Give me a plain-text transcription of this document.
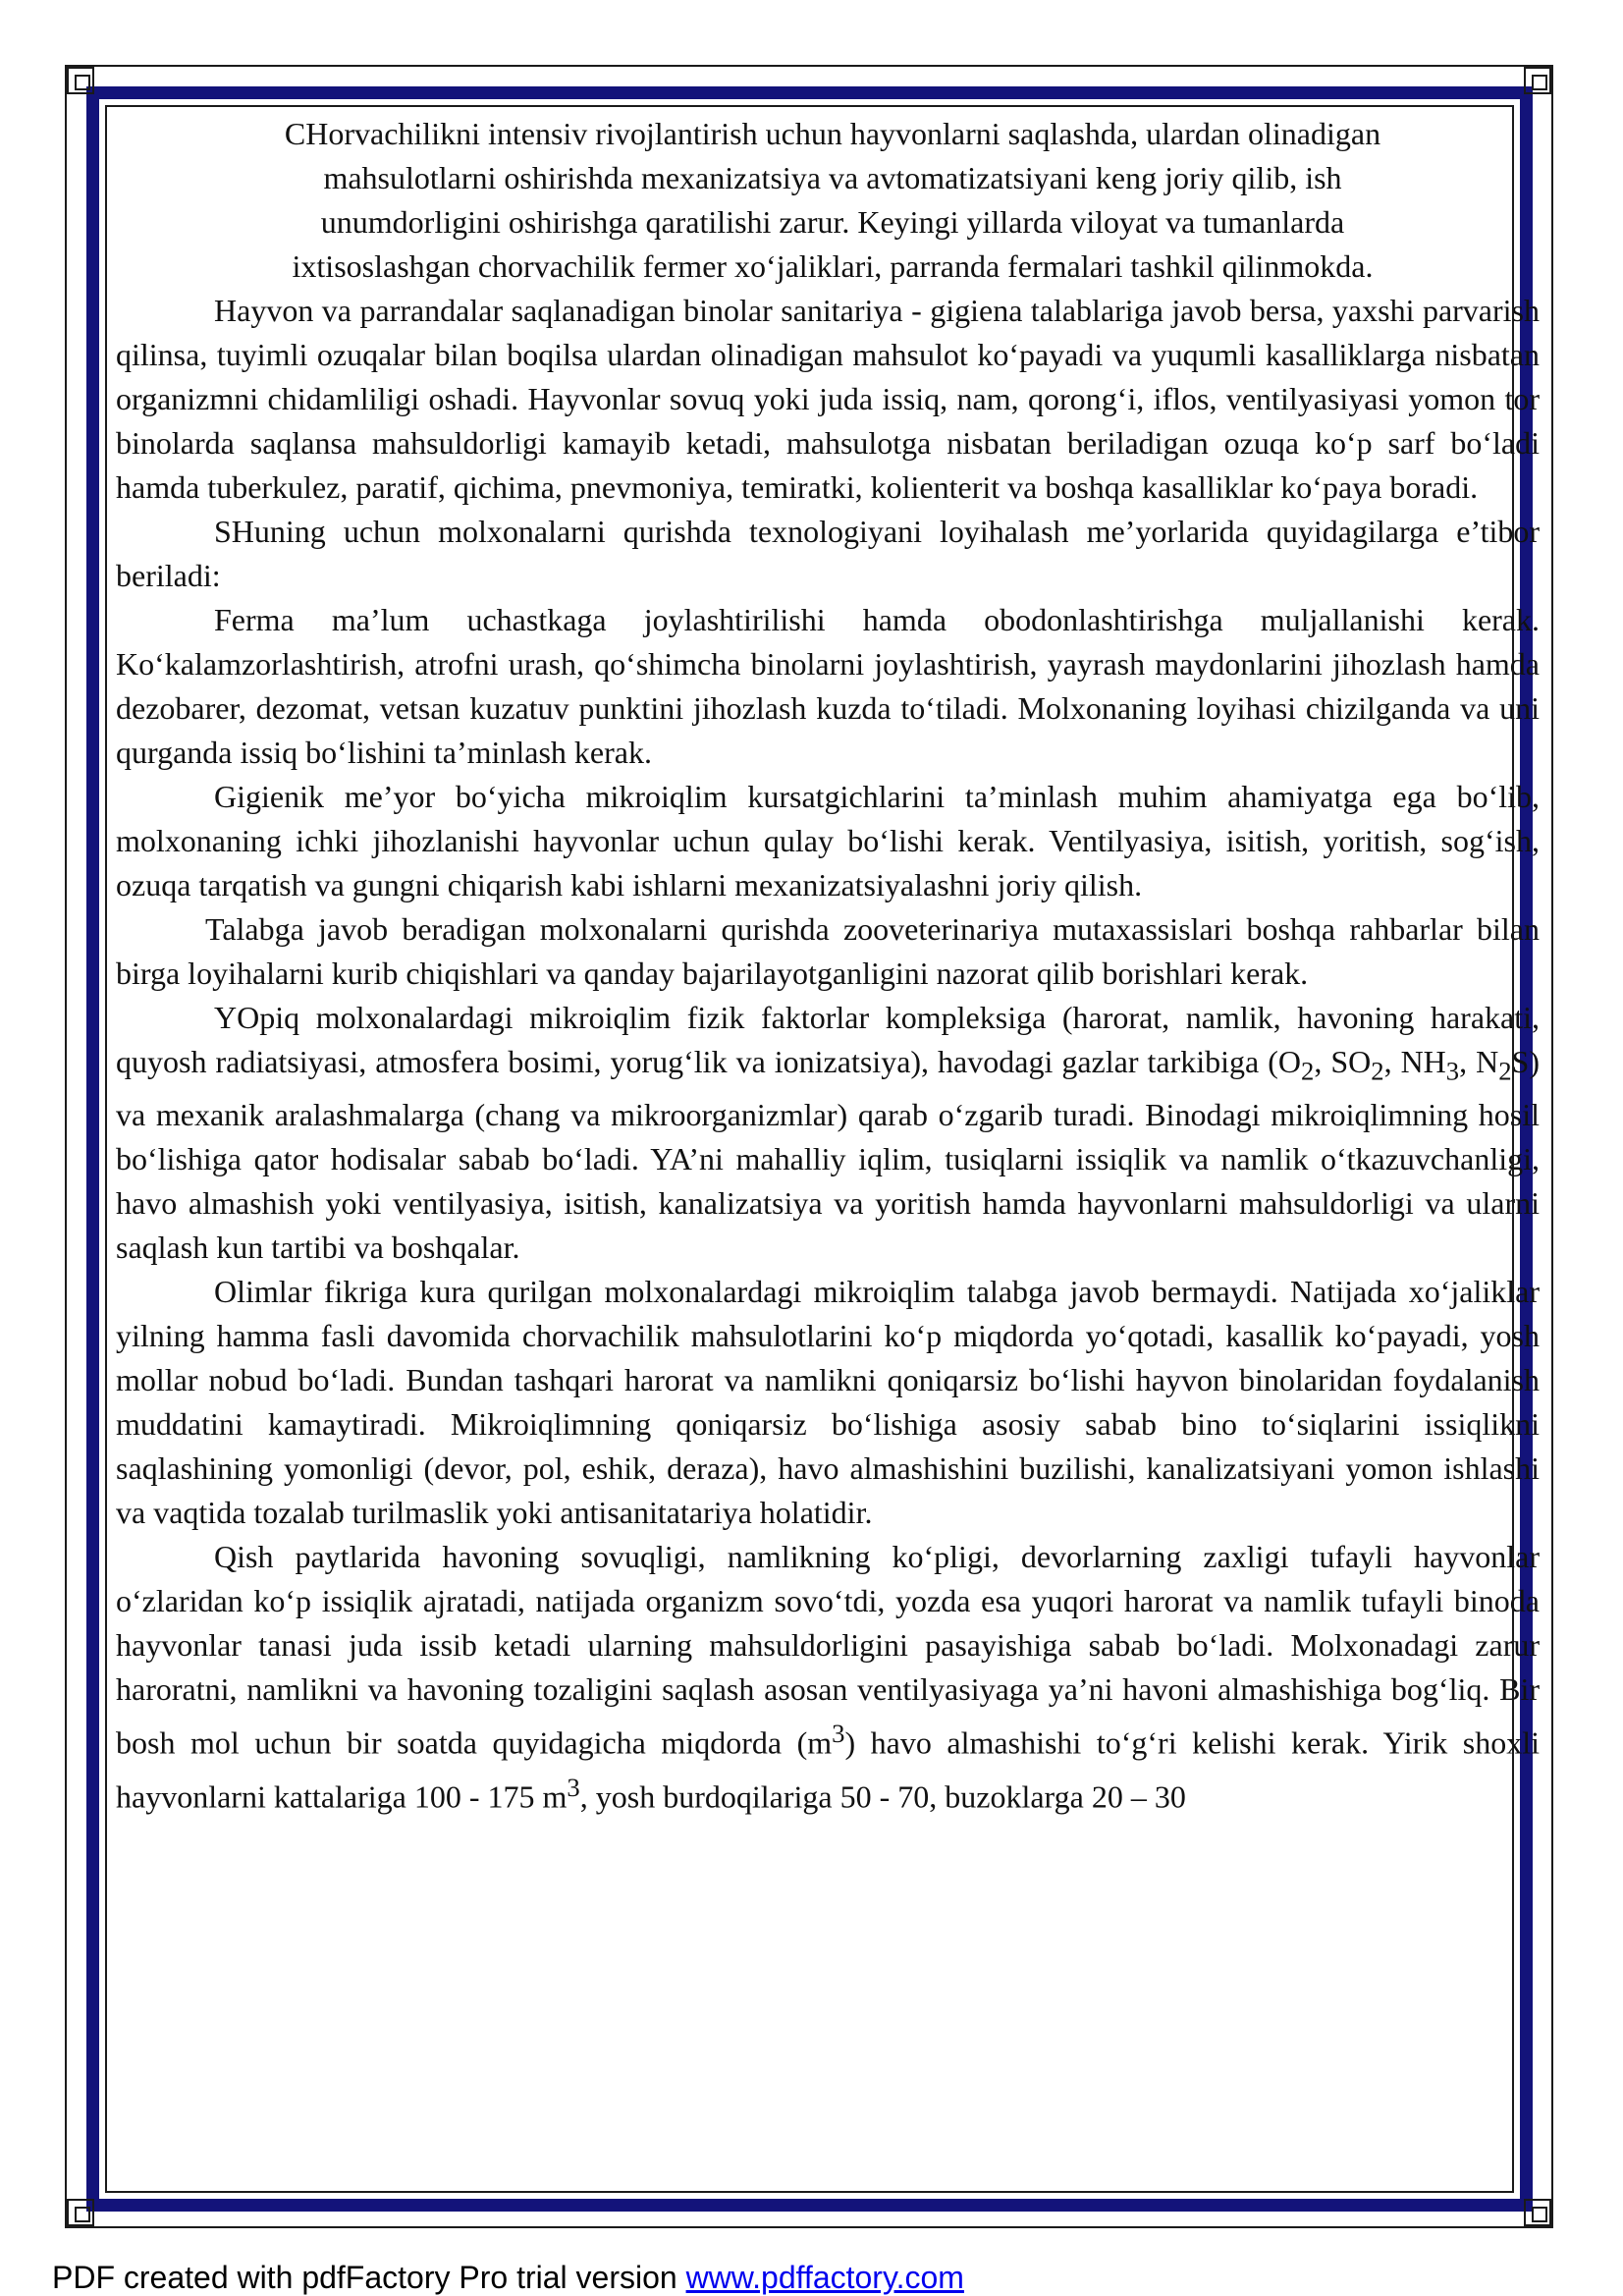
CHorvachilikni intensiv rivojlantirish uchun hayvonlarni saqlashda, ulardan olinadigan
mahsulotlarni oshirishda mexanizatsiya va avtomatizatsiyani keng joriy qilib, ish
unumdorligini oshirishga qaratilishi zarur. Keyingi yillarda viloyat va tumanlarda
ixtisoslashgan chorvachilik fermer xo‘jaliklari, parranda fermalari tashkil qilinmokda.

Hayvon va parrandalar saqlanadigan binolar sanitariya - gigiena talablariga javob bersa, yaxshi parvarish qilinsa, tuyimli ozuqalar bilan boqilsa ulardan olinadigan mahsulot ko‘payadi va yuqumli kasalliklarga nisbatan organizmni chidamliligi oshadi. Hayvonlar sovuq yoki juda issiq, nam, qorong‘i, iflos, ventilyasiyasi yomon tor binolarda saqlansa mahsuldorligi kamayib ketadi, mahsulotga nisbatan beriladigan ozuqa ko‘p sarf bo‘ladi hamda tuberkulez, paratif, qichima, pnevmoniya, temiratki, kolienterit va boshqa kasalliklar ko‘paya boradi.

SHuning uchun molxonalarni qurishda texnologiyani loyihalash me’yorlarida quyidagilarga e’tibor beriladi:

Ferma ma’lum uchastkaga joylashtirilishi hamda obodonlashtirishga muljallanishi kerak. Ko‘kalamzorlashtirish, atrofni urash, qo‘shimcha binolarni joylashtirish, yayrash maydonlarini jihozlash hamda dezobarer, dezomat, vetsan kuzatuv punktini jihozlash kuzda to‘tiladi. Molxonaning loyihasi chizilganda va uni qurganda issiq bo‘lishini ta’minlash kerak.

Gigienik me’yor bo‘yicha mikroiqlim kursatgichlarini ta’minlash muhim ahamiyatga ega bo‘lib, molxonaning ichki jihozlanishi hayvonlar uchun qulay bo‘lishi kerak. Ventilyasiya, isitish, yoritish, sog‘ish, ozuqa tarqatish va gungni chiqarish kabi ishlarni mexanizatsiyalashni joriy qilish.

Talabga javob beradigan molxonalarni qurishda zooveterinariya mutaxassislari boshqa rahbarlar bilan birga loyihalarni kurib chiqishlari va qanday bajarilayotganligini nazorat qilib borishlari kerak.

YOpiq molxonalardagi mikroiqlim fizik faktorlar kompleksiga (harorat, namlik, havoning harakati, quyosh radiatsiyasi, atmosfera bosimi, yorug‘lik va ionizatsiya), havodagi gazlar tarkibiga ($O_2$, $SO_2$, $NH_3$, $N_2S$) va mexanik aralashmalarga (chang va mikroorganizmlar) qarab o‘zgarib turadi. Binodagi mikroiqlimning hosil bo‘lishiga qator hodisalar sabab bo‘ladi. YA’ni mahalliy iqlim, tusiqlarni issiqlik va namlik o‘tkazuvchanligi, havo almashish yoki ventilyasiya, isitish, kanalizatsiya va yoritish hamda hayvonlarni mahsuldorligi va ularni saqlash kun tartibi va boshqalar.

Olimlar fikriga kura qurilgan molxonalardagi mikroiqlim talabga javob bermaydi. Natijada xo‘jaliklar yilning hamma fasli davomida chorvachilik mahsulotlarini ko‘p miqdorda yo‘qotadi, kasallik ko‘payadi, yosh mollar nobud bo‘ladi. Bundan tashqari harorat va namlikni qoniqarsiz bo‘lishi hayvon binolaridan foydalanish muddatini kamaytiradi. Mikroiqlimning qoniqarsiz bo‘lishiga asosiy sabab bino to‘siqlarini issiqlikni saqlashining yomonligi (devor, pol, eshik, deraza), havo almashishini buzilishi, kanalizatsiyani yomon ishlashi va vaqtida tozalab turilmaslik yoki antisanitatariya holatidir.

Qish paytlarida havoning sovuqligi, namlikning ko‘pligi, devorlarning zaxligi tufayli hayvonlar o‘zlaridan ko‘p issiqlik ajratadi, natijada organizm sovo‘tdi, yozda esa yuqori harorat va namlik tufayli binoda hayvonlar tanasi juda issib ketadi ularning mahsuldorligini pasayishiga sabab bo‘ladi. Molxonadagi zarur haroratni, namlikni va havoning tozaligini saqlash asosan ventilyasiyaga ya’ni havoni almashishiga bog‘liq. Bir bosh mol uchun bir soatda quyidagicha miqdorda $(m^3)$ havo almashishi to‘g‘ri kelishi kerak. Yirik shoxli hayvonlarni kattalariga 100 - 175 $m^3$, yosh burdoqilariga 50 - 70, buzoklarga 20 – 30

PDF created with pdfFactory Pro trial version www.pdffactory.com
